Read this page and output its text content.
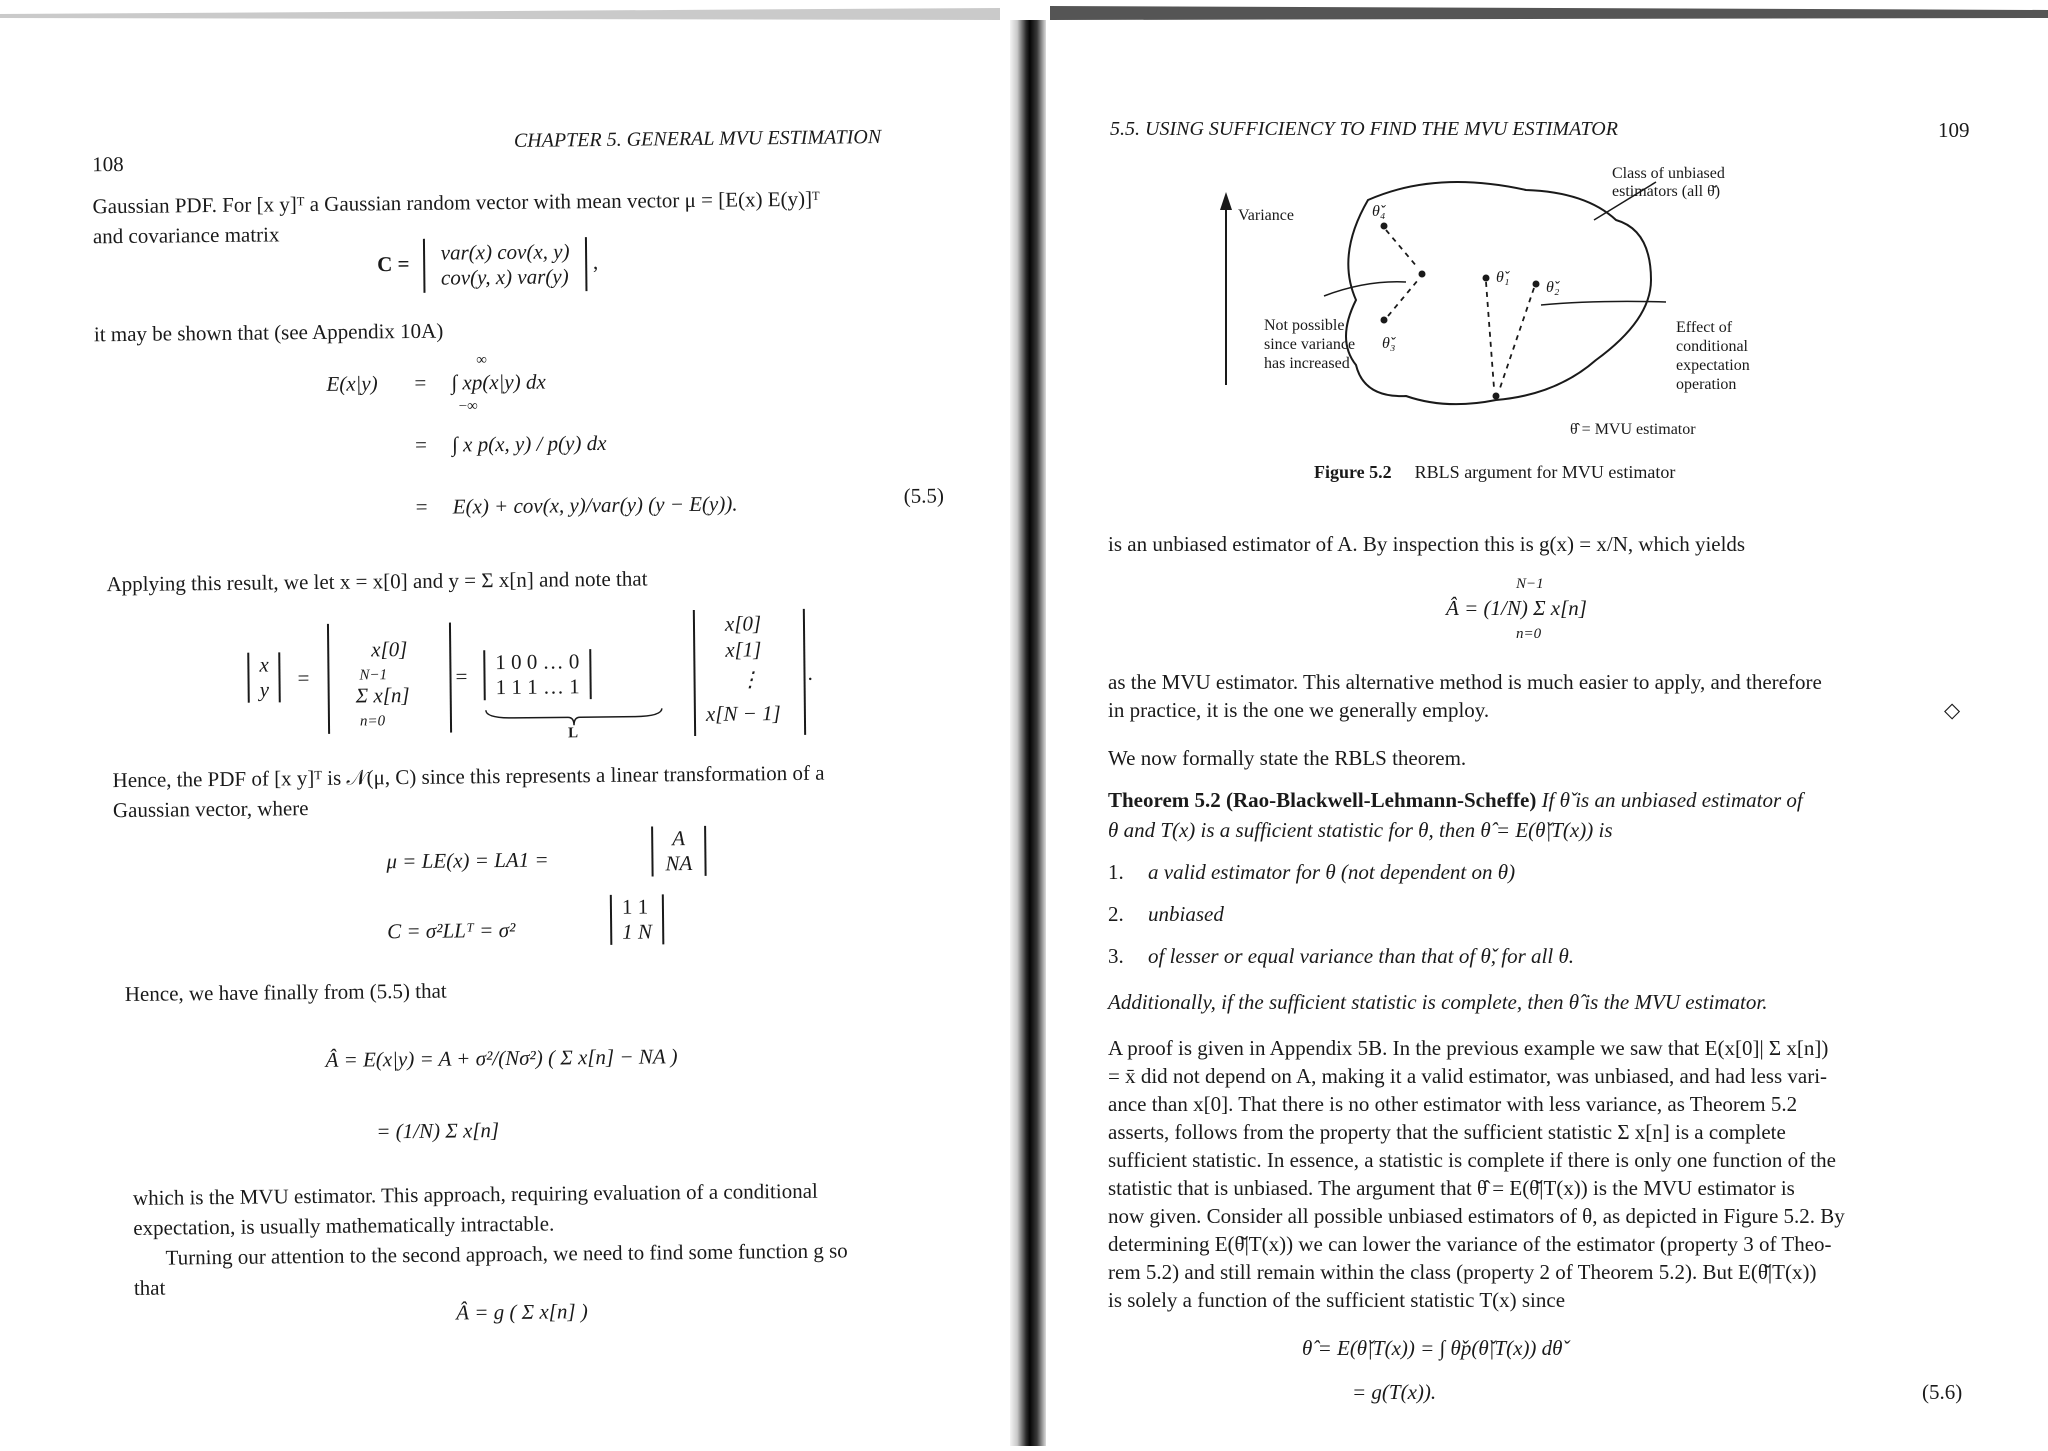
108
CHAPTER 5. GENERAL MVU ESTIMATION
Gaussian PDF. For [x y]ᵀ a Gaussian random vector with mean vector μ = [E(x) E(y)]ᵀ
and covariance matrix
C = var(x) cov(x, y)
cov(y, x) var(y)
,
it may be shown that (see Appendix 10A)
E(x|y) = ∫ xp(x|y) dx
= ∫ x p(x, y) / p(y) dx
= E(x) + cov(x, y)/var(y) (y − E(y)).
∞
−∞
(5.5)
Applying this result, we let x = x[0] and y = Σ x[n] and note that
x
y =
x[0]
N−1
Σ x[n]
n=0
=
1 0 0 … 0
1 1 1 … 1
L
x[0]
x[1]
⋮
x[N − 1]
.
Hence, the PDF of [x y]ᵀ is 𝒩(μ, C) since this represents a linear transformation of a
Gaussian vector, where
μ = LE(x) = LA1 =
A
NA
C = σ²LLᵀ = σ²
1 1
1 N
Hence, we have finally from (5.5) that
Â = E(x|y) = A + σ²/(Nσ²) ( Σ x[n] − NA )
= (1/N) Σ x[n]
which is the MVU estimator. This approach, requiring evaluation of a conditional
expectation, is usually mathematically intractable.
Turning our attention to the second approach, we need to find some function g so
that
Â = g ( Σ x[n] )
5.5. USING SUFFICIENCY TO FIND THE MVU ESTIMATOR	109
Variance
Class of unbiased
estimators (all θ̌)
θ̌₄
θ̌₁
θ̌₂
θ̌₃
Not possible
since variance
has increased
Effect of
conditional
expectation
operation
θ̂ = MVU estimator
Figure 5.2 RBLS argument for MVU estimator
is an unbiased estimator of A. By inspection this is g(x) = x/N, which yields
Â = (1/N) Σ x[n]
N−1
n=0
as the MVU estimator. This alternative method is much easier to apply, and therefore
in practice, it is the one we generally employ.	◇
We now formally state the RBLS theorem.
Theorem 5.2 (Rao-Blackwell-Lehmann-Scheffe) If θ̌ is an unbiased estimator of
θ and T(x) is a sufficient statistic for θ, then θ̂ = E(θ̌|T(x)) is
1. a valid estimator for θ (not dependent on θ)
2. unbiased
3. of lesser or equal variance than that of θ̌, for all θ.
Additionally, if the sufficient statistic is complete, then θ̂ is the MVU estimator.
A proof is given in Appendix 5B. In the previous example we saw that E(x[0]| Σ x[n])
= x̄ did not depend on A, making it a valid estimator, was unbiased, and had less vari-
ance than x[0]. That there is no other estimator with less variance, as Theorem 5.2
asserts, follows from the property that the sufficient statistic Σ x[n] is a complete
sufficient statistic. In essence, a statistic is complete if there is only one function of the
statistic that is unbiased. The argument that θ̂ = E(θ̌|T(x)) is the MVU estimator is
now given. Consider all possible unbiased estimators of θ, as depicted in Figure 5.2. By
determining E(θ̌|T(x)) we can lower the variance of the estimator (property 3 of Theo-
rem 5.2) and still remain within the class (property 2 of Theorem 5.2). But E(θ̌|T(x))
is solely a function of the sufficient statistic T(x) since
θ̂ = E(θ̌|T(x)) = ∫ θ̌p(θ̌|T(x)) dθ̌
= g(T(x)).	(5.6)
